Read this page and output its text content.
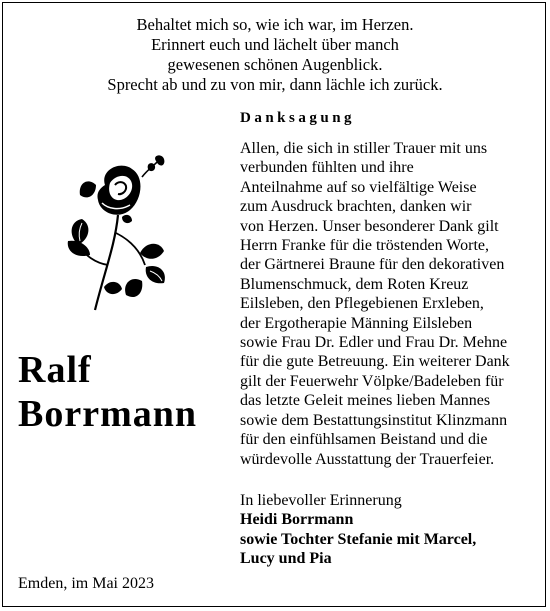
Behaltet mich so, wie ich war, im Herzen.
Erinnert euch und lächelt über manch
gewesenen schönen Augenblick.
Sprecht ab und zu von mir, dann lächle ich zurück.
Ralf
Borrmann
Emden, im Mai 2023
Danksagung
Allen, die sich in stiller Trauer mit uns
verbunden fühlten und ihre
Anteilnahme auf so vielfältige Weise
zum Ausdruck brachten, danken wir
von Herzen. Unser besonderer Dank gilt
Herrn Franke für die tröstenden Worte,
der Gärtnerei Braune für den dekorativen
Blumenschmuck, dem Roten Kreuz
Eilsleben, den Pflegebienen Erxleben,
der Ergotherapie Männing Eilsleben
sowie Frau Dr. Edler und Frau Dr. Mehne
für die gute Betreuung. Ein weiterer Dank
gilt der Feuerwehr Völpke/Badeleben für
das letzte Geleit meines lieben Mannes
sowie dem Bestattungsinstitut Klinzmann
für den einfühlsamen Beistand und die
würdevolle Ausstattung der Trauerfeier.
In liebevoller Erinnerung
Heidi Borrmann
sowie Tochter Stefanie mit Marcel,
Lucy und Pia
